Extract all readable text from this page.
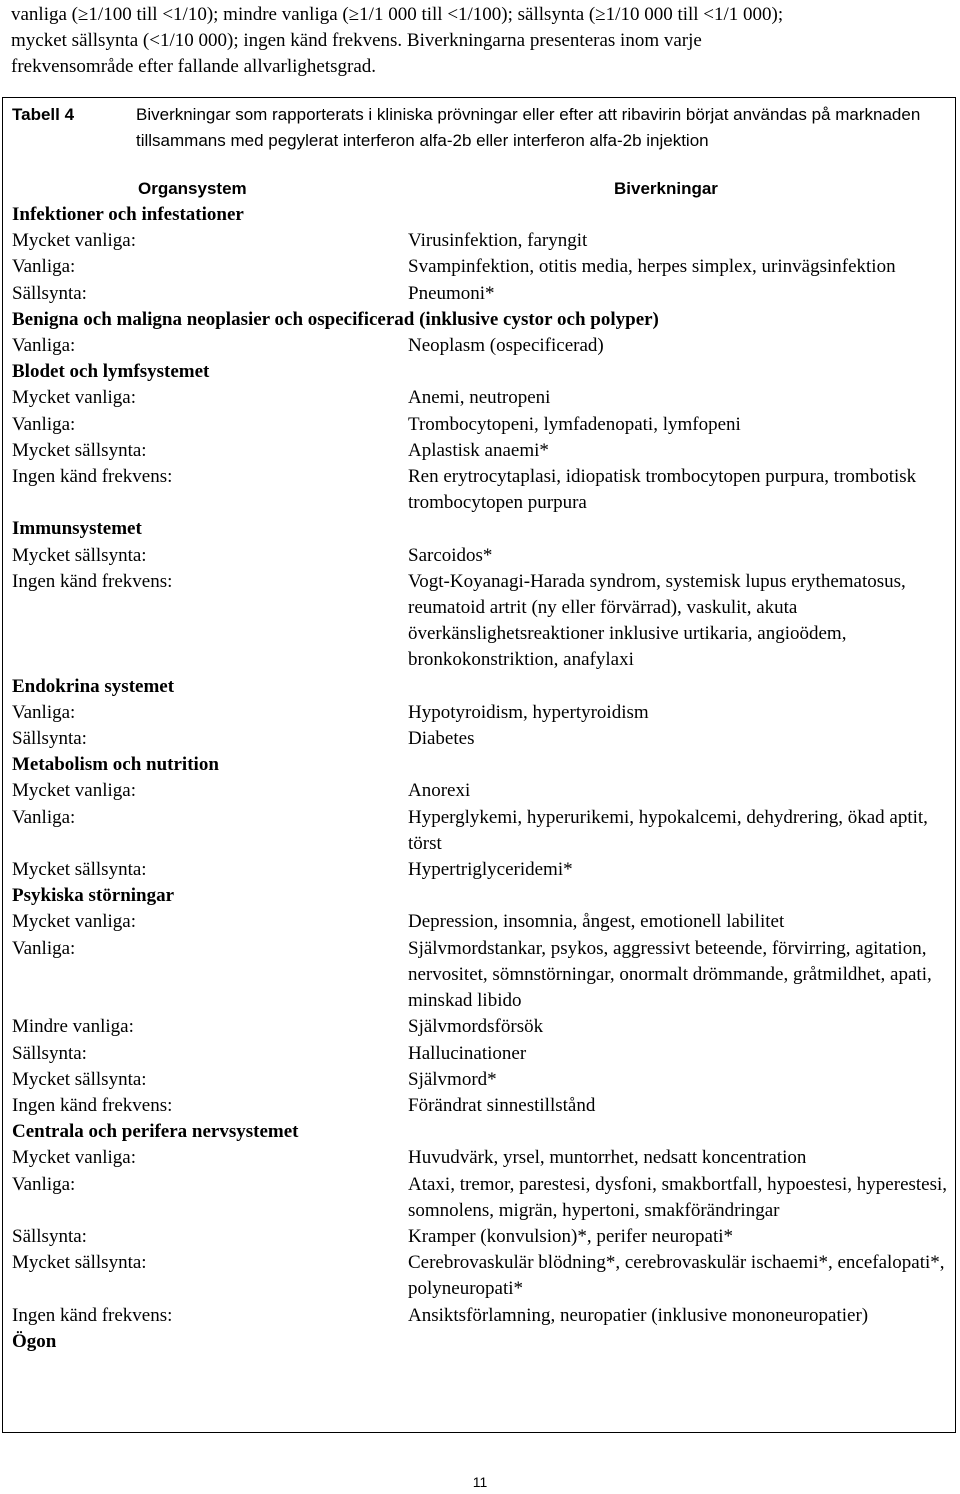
vanliga (≥1/100 till <1/10); mindre vanliga (≥1/1 000 till <1/100); sällsynta (≥1/10 000 till <1/1 000);

mycket sällsynta (<1/10 000); ingen känd frekvens. Biverkningarna presenteras inom varje

frekvensområde efter fallande allvarlighetsgrad.

Tabell 4	Biverkningar som rapporterats i kliniska prövningar eller efter att ribavirin börjat användas på marknaden tillsammans med pegylerat interferon alfa-2b eller interferon alfa-2b injektion
Organsystem	Biverkningar
Infektioner och infestationer
Mycket vanliga:	Virusinfektion, faryngit
Vanliga:	Svampinfektion, otitis media, herpes simplex, urinvägsinfektion
Sällsynta:	Pneumoni*
Benigna och maligna neoplasier och ospecificerad (inklusive cystor och polyper)
Vanliga:	Neoplasm (ospecificerad)
Blodet och lymfsystemet
Mycket vanliga:	Anemi, neutropeni
Vanliga:	Trombocytopeni, lymfadenopati, lymfopeni
Mycket sällsynta:	Aplastisk anaemi*
Ingen känd frekvens:	Ren erytrocytaplasi, idiopatisk trombocytopen purpura, trombotisk trombocytopen purpura
Immunsystemet
Mycket sällsynta:	Sarcoidos*
Ingen känd frekvens:	Vogt-Koyanagi-Harada syndrom, systemisk lupus erythematosus, reumatoid artrit (ny eller förvärrad), vaskulit, akuta överkänslighetsreaktioner inklusive urtikaria, angioödem, bronkokonstriktion, anafylaxi
Endokrina systemet
Vanliga:	Hypotyroidism, hypertyroidism
Sällsynta:	Diabetes
Metabolism och nutrition
Mycket vanliga:	Anorexi
Vanliga:	Hyperglykemi, hyperurikemi, hypokalcemi, dehydrering, ökad aptit, törst
Mycket sällsynta:	Hypertriglyceridemi*
Psykiska störningar
Mycket vanliga:	Depression, insomnia, ångest, emotionell labilitet
Vanliga:	Självmordstankar, psykos, aggressivt beteende, förvirring, agitation, nervositet, sömnstörningar, onormalt drömmande, gråtmildhet, apati, minskad libido
Mindre vanliga:	Självmordsförsök
Sällsynta:	Hallucinationer
Mycket sällsynta:	Självmord*
Ingen känd frekvens:	Förändrat sinnestillstånd
Centrala och perifera nervsystemet
Mycket vanliga:	Huvudvärk, yrsel, muntorrhet, nedsatt koncentration
Vanliga:	Ataxi, tremor, parestesi, dysfoni, smakbortfall, hypoestesi, hyperestesi, somnolens, migrän, hypertoni, smakförändringar
Sällsynta:	Kramper (konvulsion)*, perifer neuropati*
Mycket sällsynta:	Cerebrovaskulär blödning*, cerebrovaskulär ischaemi*, encefalopati*, polyneuropati*
Ingen känd frekvens:	Ansiktsförlamning, neuropatier (inklusive mononeuropatier)
Ögon
11
